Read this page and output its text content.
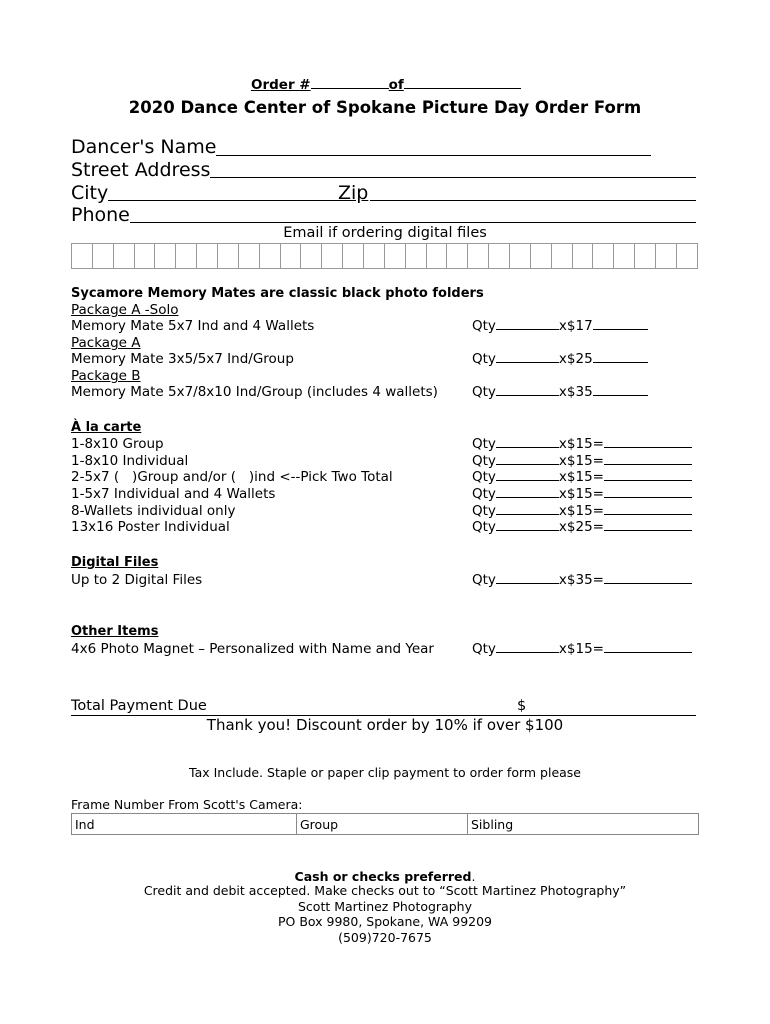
Order #	of
2020 Dance Center of Spokane Picture Day Order Form
Dancer's Name
Street Address
City	Zip
Phone
Email if ordering digital files
Sycamore Memory Mates are classic black photo folders
Package A -Solo
Memory Mate 5x7 Ind and 4 Wallets	Qty	x$17
Package A
Memory Mate 3x5/5x7 Ind/Group	Qty	x$25
Package B
Memory Mate 5x7/8x10 Ind/Group (includes 4 wallets)	Qty	x$35
À la carte
1-8x10 Group	Qty	x$15=
1-8x10 Individual	Qty	x$15=
2-5x7 (   )Group and/or (   )ind <--Pick Two Total	Qty	x$15=
1-5x7 Individual and 4 Wallets	Qty	x$15=
8-Wallets individual only	Qty	x$15=
13x16 Poster Individual	Qty	x$25=
Digital Files
Up to 2 Digital Files	Qty	x$35=
Other Items
4x6 Photo Magnet – Personalized with Name and Year	Qty	x$15=
Total Payment Due	$
Thank you! Discount order by 10% if over $100
Tax Include. Staple or paper clip payment to order form please
Frame Number From Scott's Camera:
Ind	Group	Sibling
Cash or checks preferred.
Credit and debit accepted. Make checks out to “Scott Martinez Photography”
Scott Martinez Photography
PO Box 9980, Spokane, WA 99209
(509)720-7675
